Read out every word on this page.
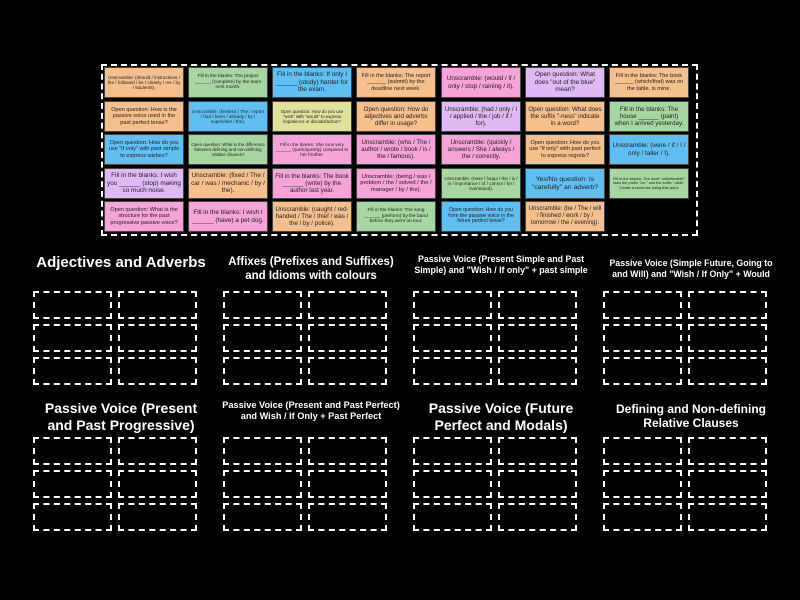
Unscramble: (should / instructions / the / followed / be / closely / me / by / students).
Fill in the blanks: The project ______ (complete) by the team next month.
Fill in the blanks: If only I ______ (study) harder for the exam.
Fill in the blanks: The report ______ (submit) by the deadline next week.
Unscramble: (would / if / only / stop / raining / it).
Open question: What does "out of the blue" mean?
Fill in the blanks: The book ______ (which/that) was on the table, is mine.
Open question: How is the passive voice used in the past perfect tense?
Unscramble: (finished / The / report / had / been / already / by / supervisor / the).
Open question: How do you use "wish" with "would" to express impatience or dissatisfaction?
Open question: How do adjectives and adverbs differ in usage?
Unscramble: (had / only / I / applied / the / job / if / for).
Open question: What does the suffix "-ness" indicate in a word?
Fill in the blanks: The house ______ (paint) when I arrived yesterday.
Open question: How do you use "if only" with past simple to express wishes?
Open question: What is the difference between defining and non-defining relative clauses?
Fill in the blanks: She runs very ______ (quick/quickly) compared to her brother.
Unscramble: (who / The / author / wrote / book / is / the / famous).
Unscramble: (quickly / answers / She / always / the / correctly.
Open question: How do you use "if only" with past perfect to express regrets?
Unscramble: (were / if / I / only / taller / I).
Fill in the blanks: I wish you ______ (stop) making so much noise.
Unscramble: (fixed / The / car / was / mechanic / by / the).
Fill in the blanks: The book ______ (write) by the author last year.
Unscramble: (being / was / problem / the / solved / the / manager / by / the).
Unscramble: (ness / happi / the / is / in / importance / of / cannot / be / overstated).
Yes/No question: Is "carefully" an adverb?
Fill in the blanks: The word "unbelievable" uses the prefix "un-" and the suffix "-able". Create a sentence using this word.
Open question: What is the structure for the past progressive passive voice?
Fill in the blanks: I wish I ______ (have) a pet dog.
Unscramble: (caught / red-handed / The / thief / was / the / by / police).
Fill in the blanks: The song ______ (perform) by the band before they went on tour.
Open question: How do you form the passive voice in the future perfect tense?
Unscramble: (be / The / will / finished / work / by / tomorrow / the / evening).
Adjectives and Adverbs	Affixes (Prefixes and Suffixes) and Idioms with colours
Passive Voice (Present Simple and Past Simple) and "Wish / If only" + past simple
Passive Voice (Simple Future, Going to and Will) and "Wish / If Only" + Would
Passive Voice (Present and Past Progressive)
Passive Voice (Present and Past Perfect) and Wish / If Only + Past Perfect
Passive Voice (Future Perfect and Modals)
Defining and Non-defining Relative Clauses
